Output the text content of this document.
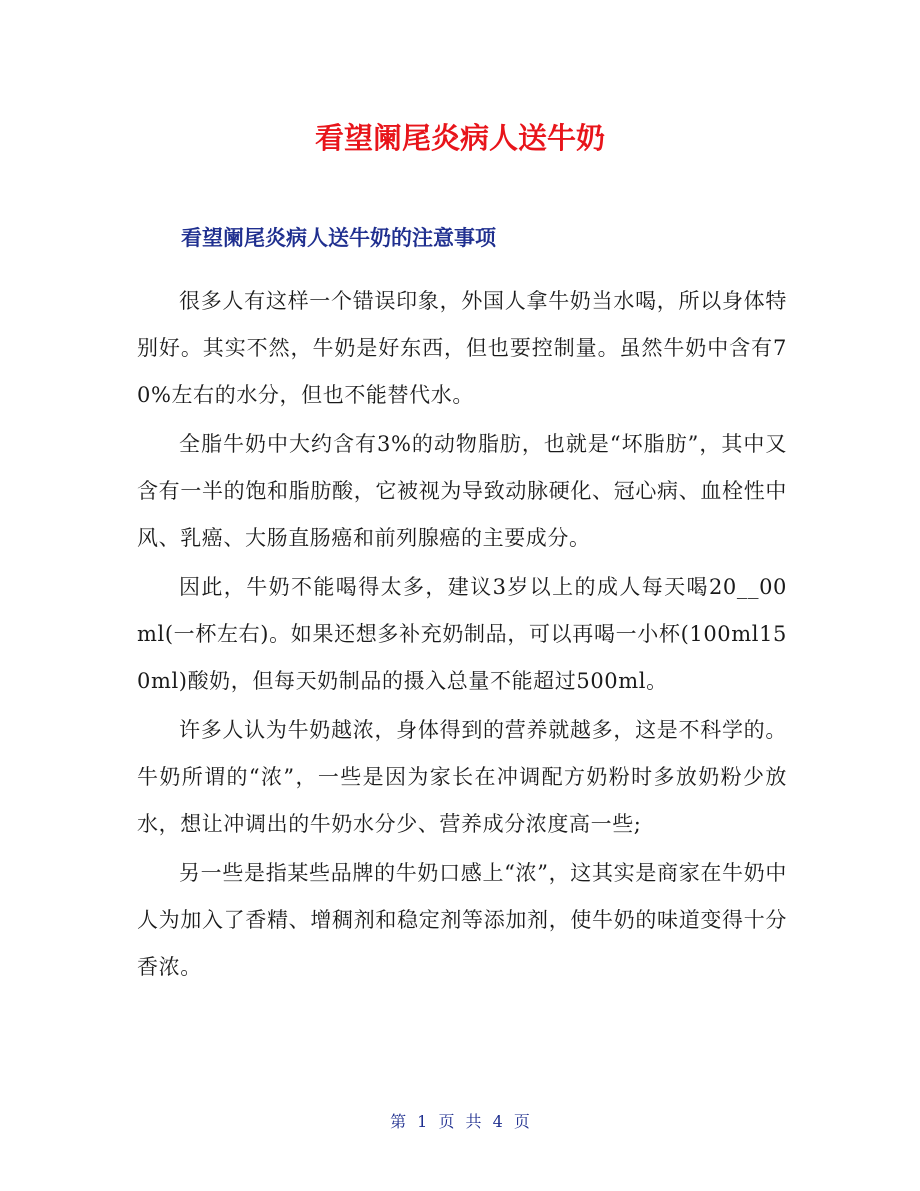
看望阑尾炎病人送牛奶
看望阑尾炎病人送牛奶的注意事项

很多人有这样一个错误印象，外国人拿牛奶当水喝，所以身体特别好。其实不然，牛奶是好东西，但也要控制量。虽然牛奶中含有70%左右的水分，但也不能替代水。

全脂牛奶中大约含有3%的动物脂肪，也就是“坏脂肪”，其中又含有一半的饱和脂肪酸，它被视为导致动脉硬化、冠心病、血栓性中风、乳癌、大肠直肠癌和前列腺癌的主要成分。

因此，牛奶不能喝得太多，建议3岁以上的成人每天喝20__00ml(一杯左右)。如果还想多补充奶制品，可以再喝一小杯(100ml150ml)酸奶，但每天奶制品的摄入总量不能超过500ml。

许多人认为牛奶越浓，身体得到的营养就越多，这是不科学的。牛奶所谓的“浓”，一些是因为家长在冲调配方奶粉时多放奶粉少放水，想让冲调出的牛奶水分少、营养成分浓度高一些;

另一些是指某些品牌的牛奶口感上“浓”，这其实是商家在牛奶中人为加入了香精、增稠剂和稳定剂等添加剂，使牛奶的味道变得十分香浓。

第 1 页 共 4 页
